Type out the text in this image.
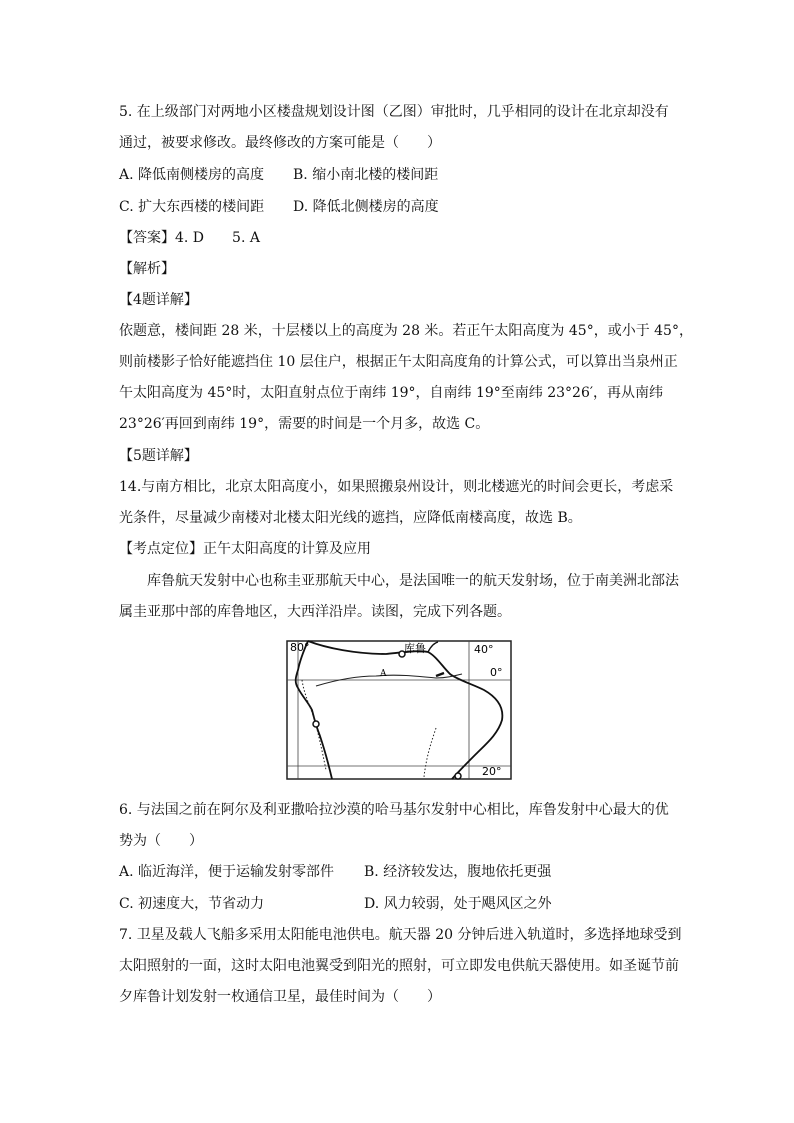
5. 在上级部门对两地小区楼盘规划设计图（乙图）审批时，几乎相同的设计在北京却没有
通过，被要求修改。最终修改的方案可能是（　　）
A. 降低南侧楼房的高度 B. 缩小南北楼的楼间距
C. 扩大东西楼的楼间距 D. 降低北侧楼房的高度
【答案】4. D　　5. A
【解析】
【4题详解】
依题意，楼间距 28 米，十层楼以上的高度为 28 米。若正午太阳高度为 45°，或小于 45°，
则前楼影子恰好能遮挡住 10 层住户，根据正午太阳高度角的计算公式，可以算出当泉州正
午太阳高度为 45°时，太阳直射点位于南纬 19°，自南纬 19°至南纬 23°26′，再从南纬
23°26′再回到南纬 19°，需要的时间是一个月多，故选 C。
【5题详解】
14.与南方相比，北京太阳高度小，如果照搬泉州设计，则北楼遮光的时间会更长，考虑采
光条件，尽量减少南楼对北楼太阳光线的遮挡，应降低南楼高度，故选 B。
【考点定位】正午太阳高度的计算及应用
库鲁航天发射中心也称圭亚那航天中心，是法国唯一的航天发射场，位于南美洲北部法
属圭亚那中部的库鲁地区，大西洋沿岸。读图，完成下列各题。
80°	40°
0°
20°
库鲁
A
6. 与法国之前在阿尔及利亚撒哈拉沙漠的哈马基尔发射中心相比，库鲁发射中心最大的优
势为（　　）
A. 临近海洋，便于运输发射零部件 B. 经济较发达，腹地依托更强
C. 初速度大，节省动力	D. 风力较弱，处于飓风区之外
7. 卫星及载人飞船多采用太阳能电池供电。航天器 20 分钟后进入轨道时，多选择地球受到
太阳照射的一面，这时太阳电池翼受到阳光的照射，可立即发电供航天器使用。如圣诞节前
夕库鲁计划发射一枚通信卫星，最佳时间为（　　）
